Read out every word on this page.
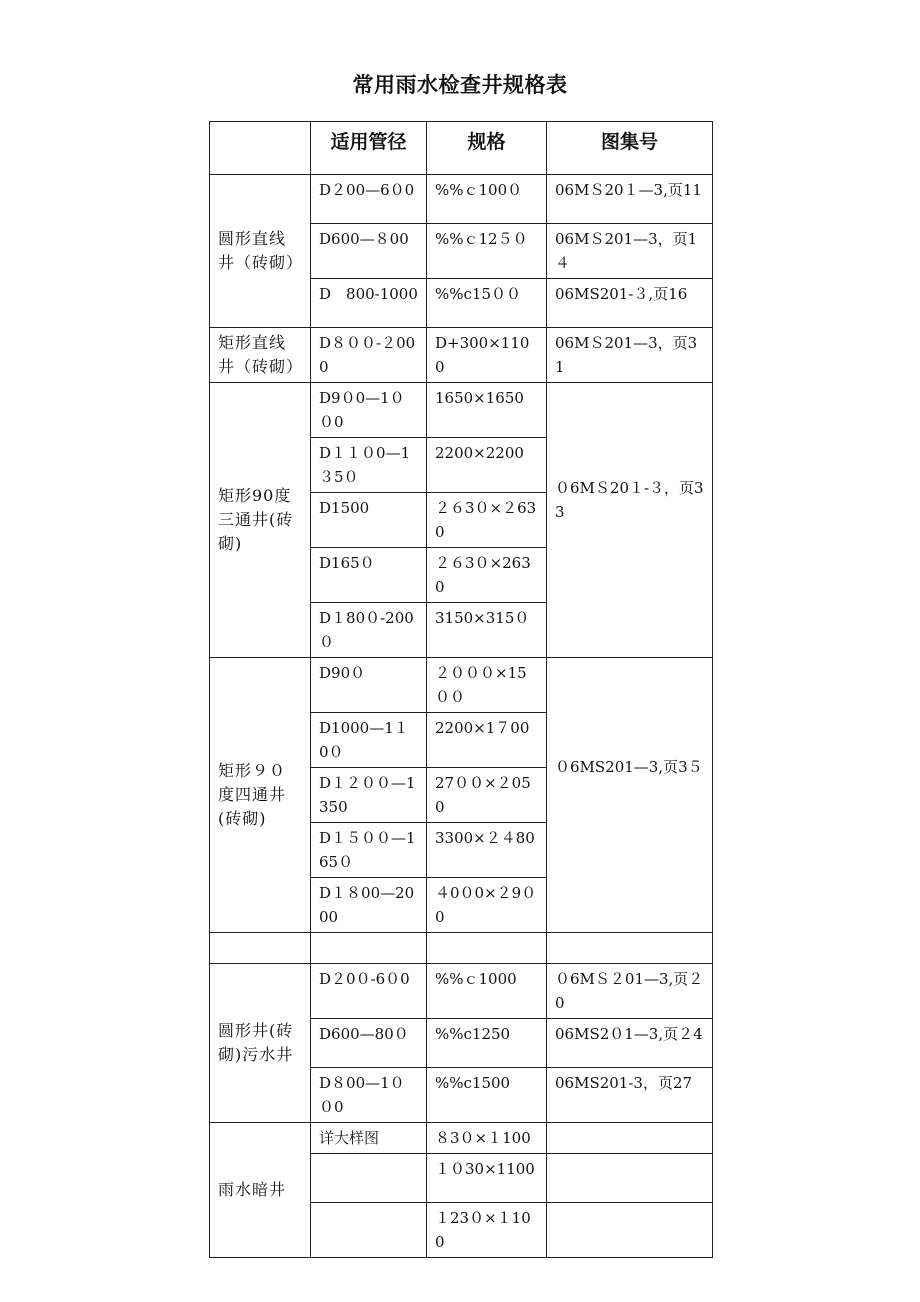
常用雨水检查井规格表
	适用管径	规格	图集号
圆形直线井（砖砌）	D２00—6０0	%%ｃ100０	06MＳ20１—3,页11
	D600—８00	%%ｃ12５０	06MＳ201—3，页1４
	D　800-1000	%%c15００	06MS201-３,页16
矩形直线井（砖砌）	D８００-２000	D+300×1100	06MＳ201—3，页31
矩形90度三通井(砖砌)	D9０0—1００0	1650×1650	０6MＳ20１-３，页33

	D１１０0—1３5０	2200×2200	
	D1500	２６3０×２630	
	D165０	２６3０×2630	
	D１80０-200０	3150×315０	
矩形９０度四通井(砖砌)	D90０	２０００×15００	０6MS201—3,页3５

	D1000—1１0０	2200×1７00	
	D１２００—1350	27００×２050	
	D１５００—165０	3300×２４80	
	D１８00—2000	４0０0×２9０0	

圆形井(砖砌)污水井	D２0０-6０0	%%ｃ1000	０6MＳ２01—3,页２0
	D600—80０	%%c1250	06MS2０1—3,页２4
	D８00—1００0	%%c1500	06MS201-3，页27
雨水暗井	详大样图	８3０×１100	
		１０30×1100	
		１23０×１100	
